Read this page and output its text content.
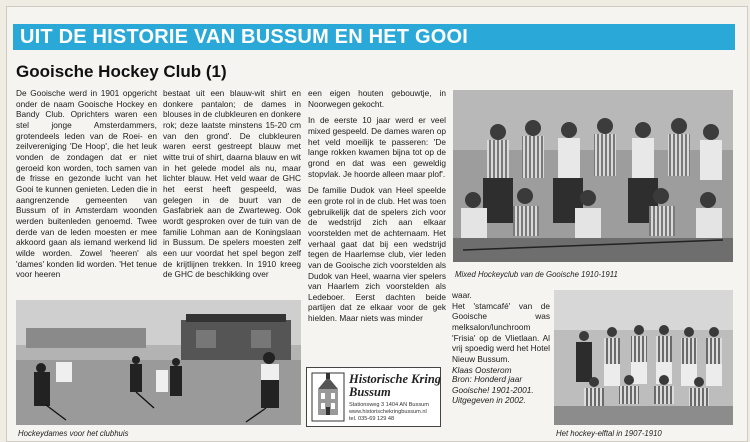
UIT DE HISTORIE VAN BUSSUM EN HET GOOI
Gooische Hockey Club (1)

De Gooische werd in 1901 opgericht onder de naam Gooische Hockey en Bandy Club. Oprichters waren een stel jonge Amsterdammers, grotendeels leden van de Roei- en zeilvereniging 'De Hoop', die het leuk vonden de zondagen dat er niet geroeid kon worden, toch samen van de frisse en gezonde lucht van het Gooi te kunnen genieten. Leden die in aangrenzende gemeenten van Bussum of in Amsterdam woonden werden buitenleden genoemd. Twee derde van de leden moesten er mee akkoord gaan als iemand werkend lid wilde worden. Zowel 'heeren' als 'dames' konden lid worden. 'Het tenue voor heeren

bestaat uit een blauw-wit shirt en donkere pantalon; de dames in blouses in de clubkleuren en donkere rok; deze laatste minstens 15-20 cm van den grond'. De clubkleuren waren eerst gestreept blauw met witte trui of shirt, daarna blauw en wit in het gelede model als nu, maar lichter blauw. Het veld waar de GHC het eerst heeft gespeeld, was gelegen in de buurt van de Gasfabriek aan de Zwarteweg. Ook wordt gesproken over de tuin van de familie Lohman aan de Koningslaan in Bussum. De spelers moesten zelf een uur voordat het spel begon zelf de krijtlijnen trekken. In 1910 kreeg de GHC de beschikking over

een eigen houten gebouwtje, in Noorwegen gekocht.

In de eerste 10 jaar werd er veel mixed gespeeld. De dames waren op het veld moeilijk te passeren: 'De lange rokken kwamen bijna tot op de grond en dat was een geweldig stopvlak. Je hoorde alleen maar plof'.

De familie Dudok van Heel speelde een grote rol in de club. Het was toen gebruikelijk dat de spelers zich voor de wedstrijd zich aan elkaar voorstelden met de achternaam. Het verhaal gaat dat bij een wedstrijd tegen de Haarlemse club, vier leden van de Gooische zich voorstelden als Dudok van Heel, waarna vier spelers van Haarlem zich voorstelden als Ledeboer. Eerst dachten beide partijen dat ze elkaar voor de gek hielden. Maar niets was minder

waar.

Het 'stamcafé' van de Gooische was melksalon/lunchroom 'Frisia' op de Vlietlaan. Al vrij spoedig werd het Hotel Nieuw Bussum.

Klaas Oosterom

Bron: Honderd jaar Gooische! 1901-2001. Uitgegeven in 2002.
Mixed Hockeyclub van de Gooische 1910-1911
Hockeydames voor het clubhuis	Het hockey-elftal in 1907-1910
Historische Kring
Bussum
Stationsweg 3 1404 AN Bussum
www.historischekringbussum.nl
tel. 035-69 129 48
